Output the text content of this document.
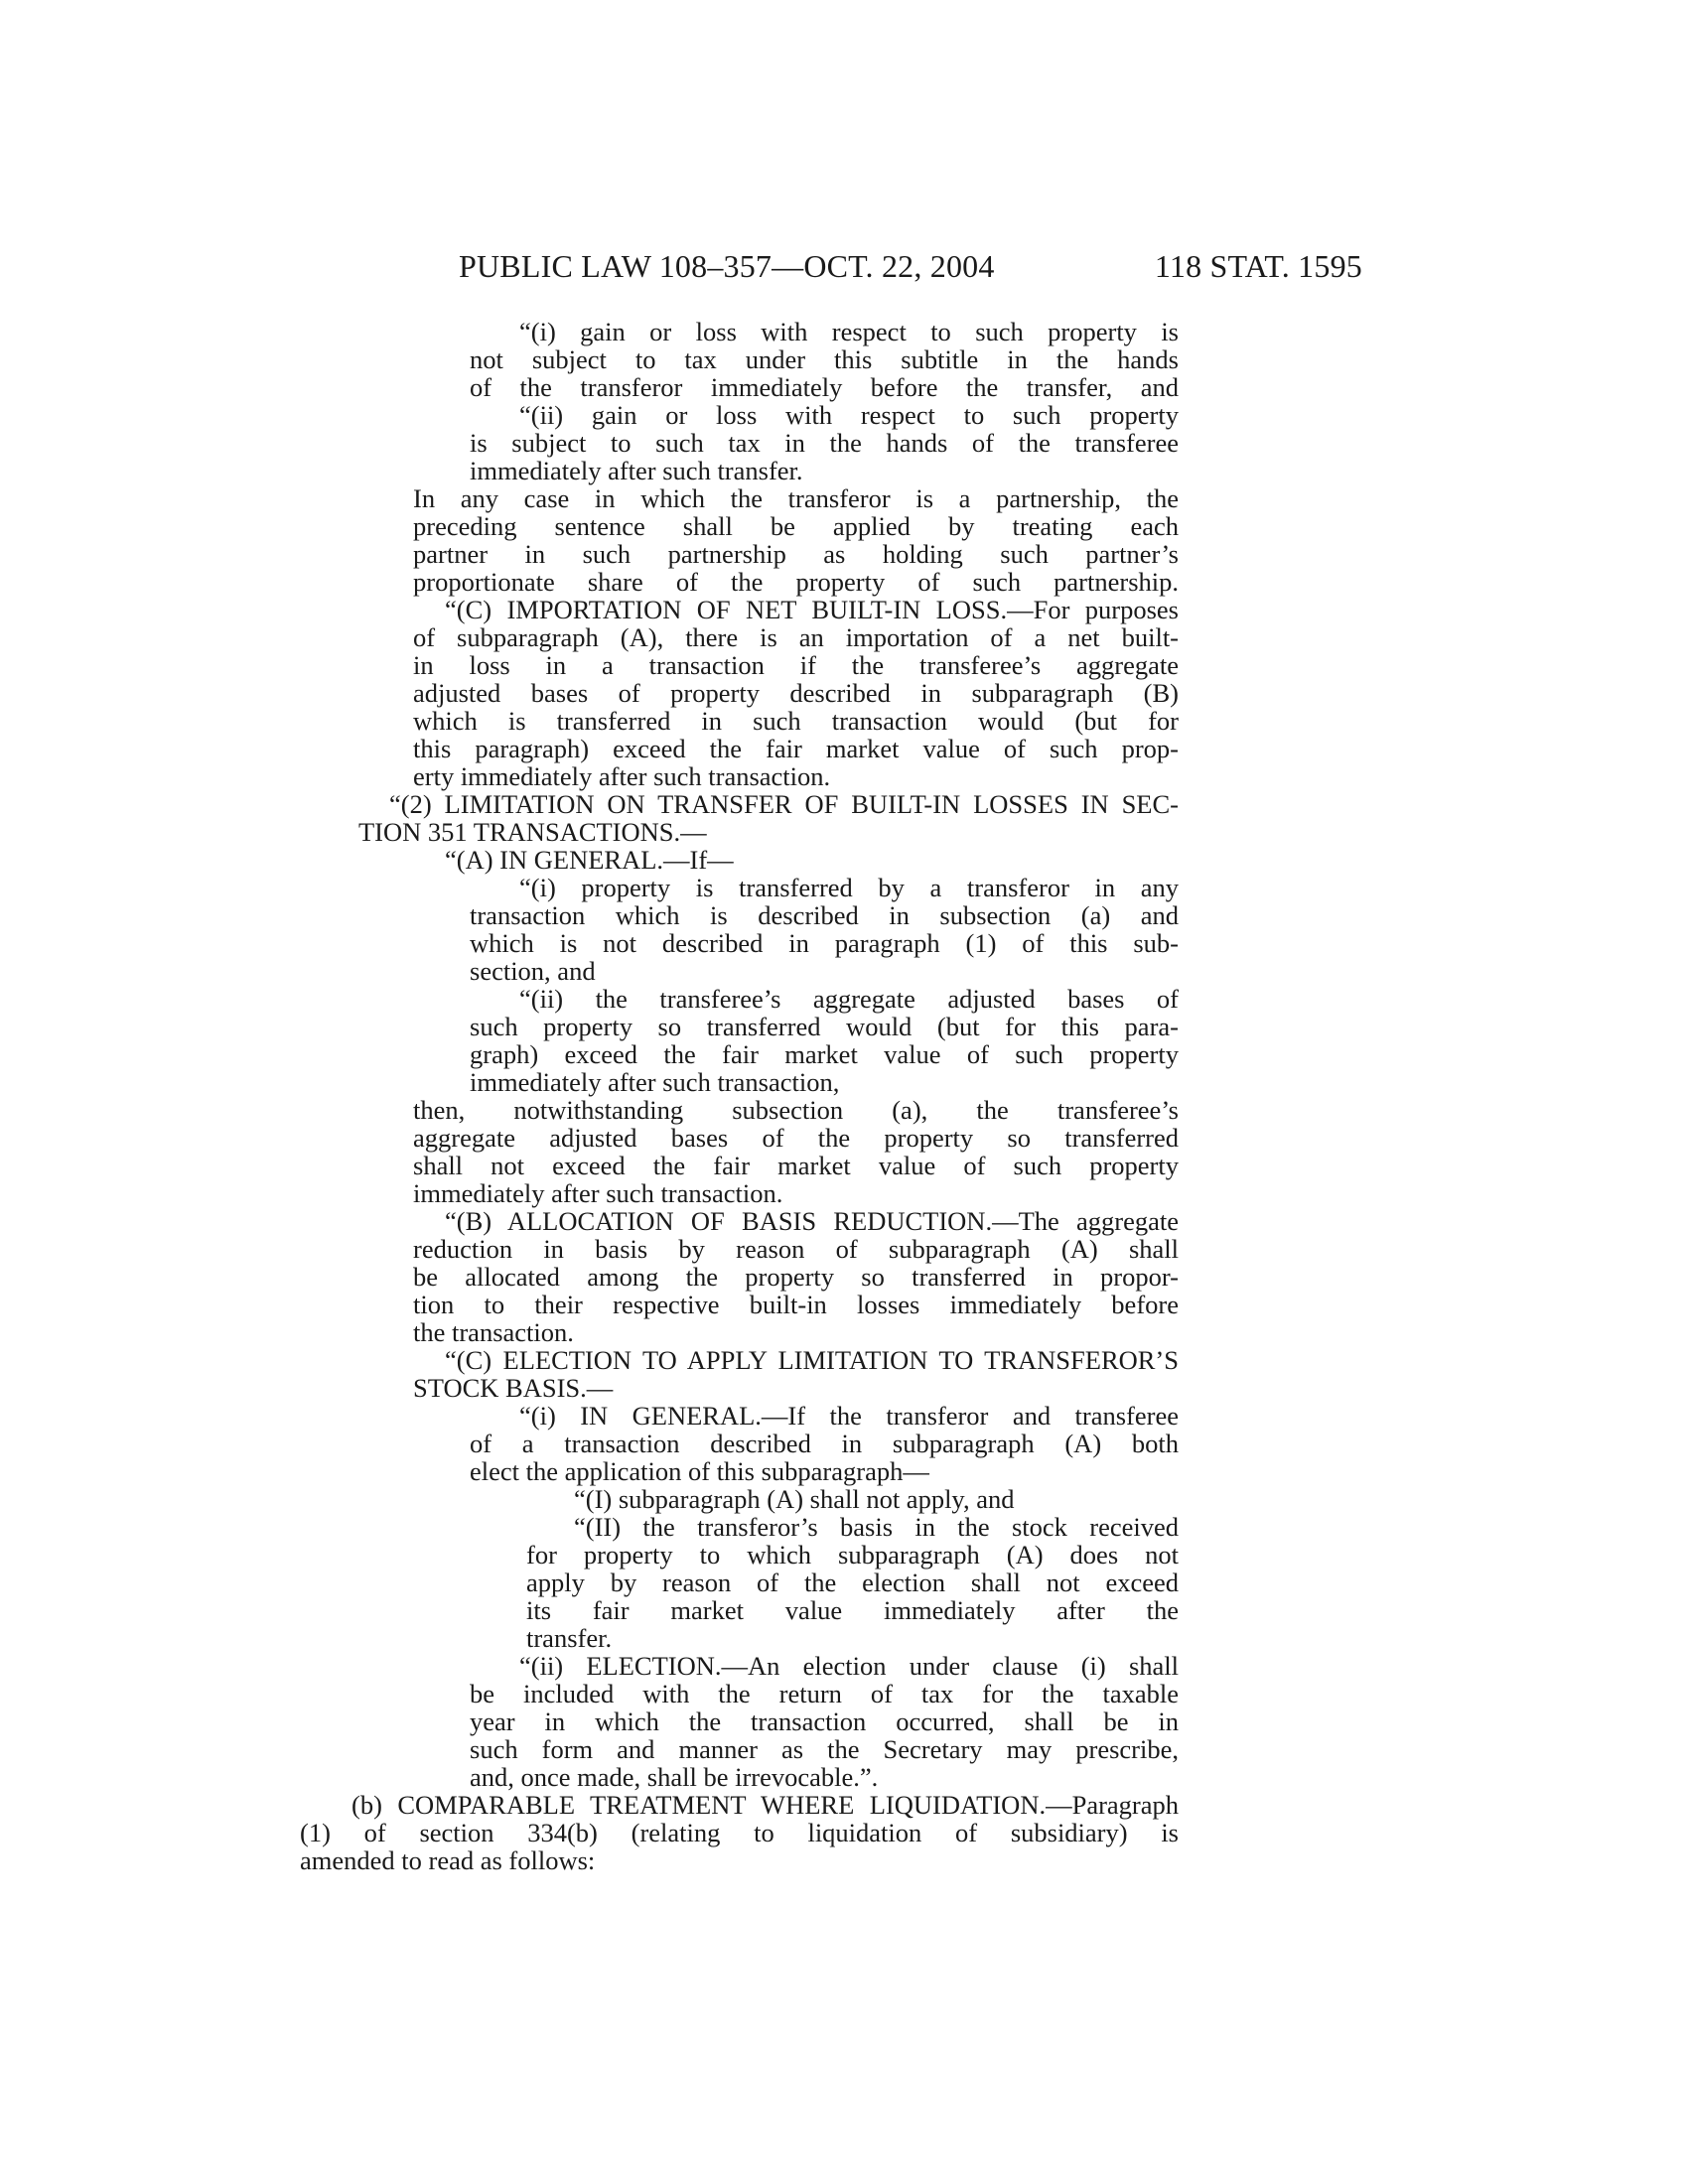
PUBLIC LAW 108–357—OCT. 22, 2004	118 STAT. 1595
“(i) gain or loss with respect to such property is
not subject to tax under this subtitle in the hands
of the transferor immediately before the transfer, and
“(ii) gain or loss with respect to such property
is subject to such tax in the hands of the transferee
immediately after such transfer.
In any case in which the transferor is a partnership, the
preceding sentence shall be applied by treating each
partner in such partnership as holding such partner’s
proportionate share of the property of such partnership.
“(C) IMPORTATION OF NET BUILT-IN LOSS.—For purposes
of subparagraph (A), there is an importation of a net built-
in loss in a transaction if the transferee’s aggregate
adjusted bases of property described in subparagraph (B)
which is transferred in such transaction would (but for
this paragraph) exceed the fair market value of such prop-
erty immediately after such transaction.
“(2) LIMITATION ON TRANSFER OF BUILT-IN LOSSES IN SEC-
TION 351 TRANSACTIONS.—
“(A) IN GENERAL.—If—
“(i) property is transferred by a transferor in any
transaction which is described in subsection (a) and
which is not described in paragraph (1) of this sub-
section, and
“(ii) the transferee’s aggregate adjusted bases of
such property so transferred would (but for this para-
graph) exceed the fair market value of such property
immediately after such transaction,
then, notwithstanding subsection (a), the transferee’s
aggregate adjusted bases of the property so transferred
shall not exceed the fair market value of such property
immediately after such transaction.
“(B) ALLOCATION OF BASIS REDUCTION.—The aggregate
reduction in basis by reason of subparagraph (A) shall
be allocated among the property so transferred in propor-
tion to their respective built-in losses immediately before
the transaction.
“(C) ELECTION TO APPLY LIMITATION TO TRANSFEROR’S
STOCK BASIS.—
“(i) IN GENERAL.—If the transferor and transferee
of a transaction described in subparagraph (A) both
elect the application of this subparagraph—
“(I) subparagraph (A) shall not apply, and
“(II) the transferor’s basis in the stock received
for property to which subparagraph (A) does not
apply by reason of the election shall not exceed
its fair market value immediately after the
transfer.
“(ii) ELECTION.—An election under clause (i) shall
be included with the return of tax for the taxable
year in which the transaction occurred, shall be in
such form and manner as the Secretary may prescribe,
and, once made, shall be irrevocable.”.
(b) COMPARABLE TREATMENT WHERE LIQUIDATION.—Paragraph
(1) of section 334(b) (relating to liquidation of subsidiary) is
amended to read as follows:
